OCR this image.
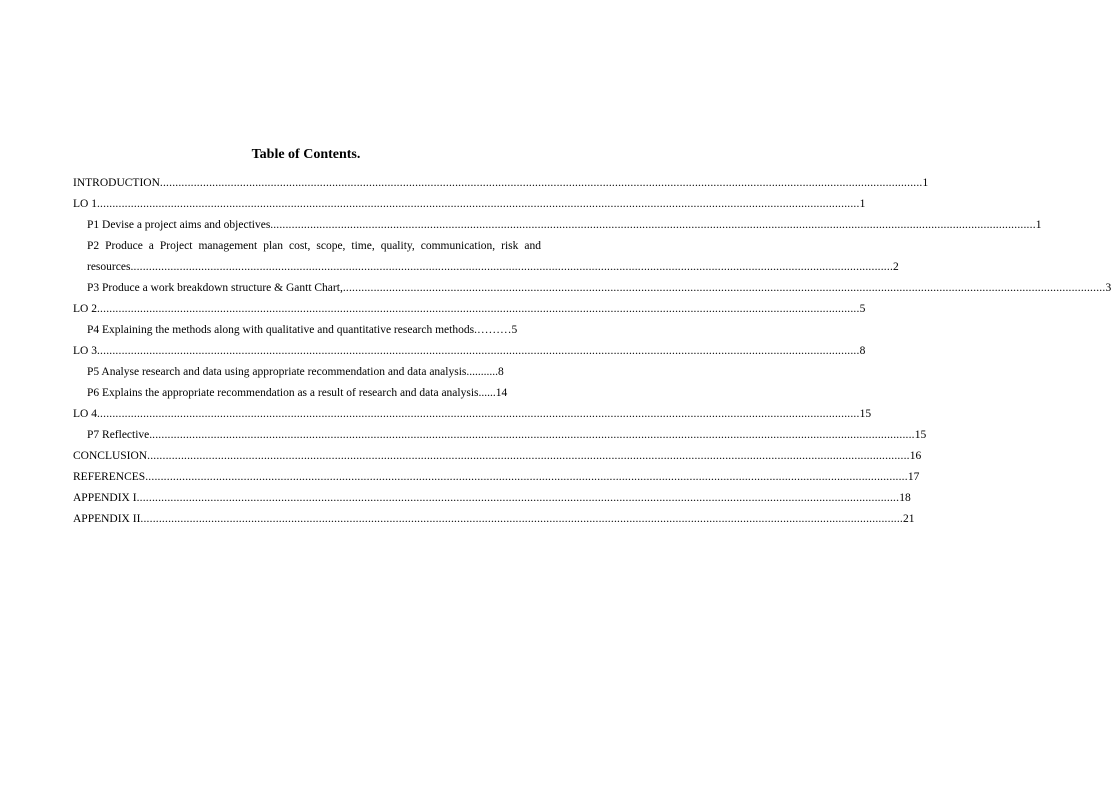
Table of Contents.
INTRODUCTION .....	1
LO 1 .....	1
P1 Devise a project aims and objectives. .....	1
P2 Produce a Project management plan cost, scope, time, quality, communication, risk and
resources .....	2
P3 Produce a work breakdown structure & Gantt Chart, .....	3
LO 2 .....	5
P4 Explaining the methods along with qualitative and quantitative research methods. ……… 5
LO 3 .....	8
P5 Analyse research and data using appropriate recommendation and data analysis. .......... 8
P6 Explains the appropriate recommendation as a result of research and data analysis. ..... 14
LO 4 .....	15
P7 Reflective. .....	15
CONCLUSION .....	16
REFERENCES .....	17
APPENDIX I .....	18
APPENDIX II .....	21
